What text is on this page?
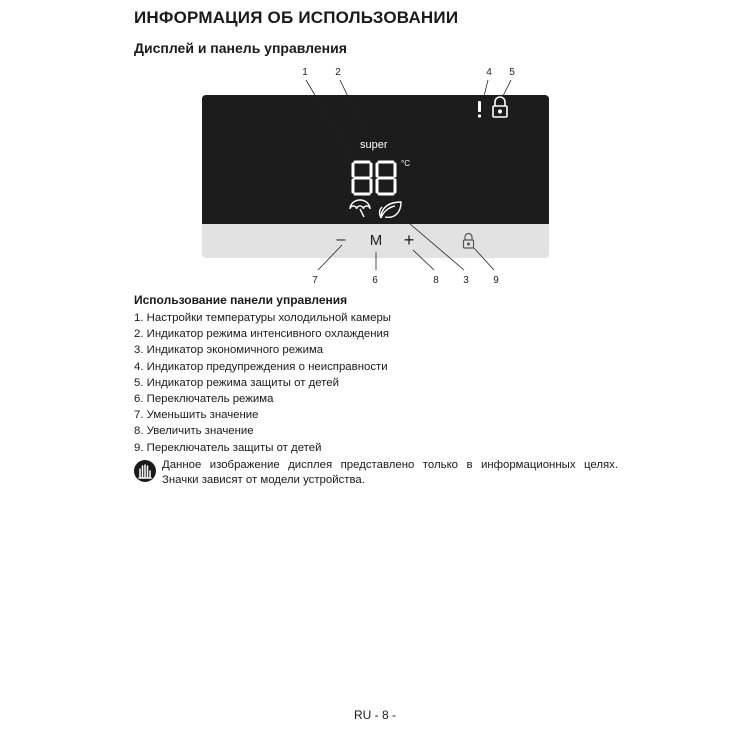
ИНФОРМАЦИЯ ОБ ИСПОЛЬЗОВАНИИ
Дисплей и панель управления
1	2	4	5
7	6	8	3	9
super
°C
–	M +
Использование панели управления
1. Настройки температуры холодильной камеры
2. Индикатор режима интенсивного охлаждения
3. Индикатор экономичного режима
4. Индикатор предупреждения о неисправности
5. Индикатор режима защиты от детей
6. Переключатель режима
7. Уменьшить значение
8. Увеличить значение
9. Переключатель защиты от детей
Данное изображение дисплея представлено только в информационных целях. Значки зависят от модели устройства.
RU - 8 -
